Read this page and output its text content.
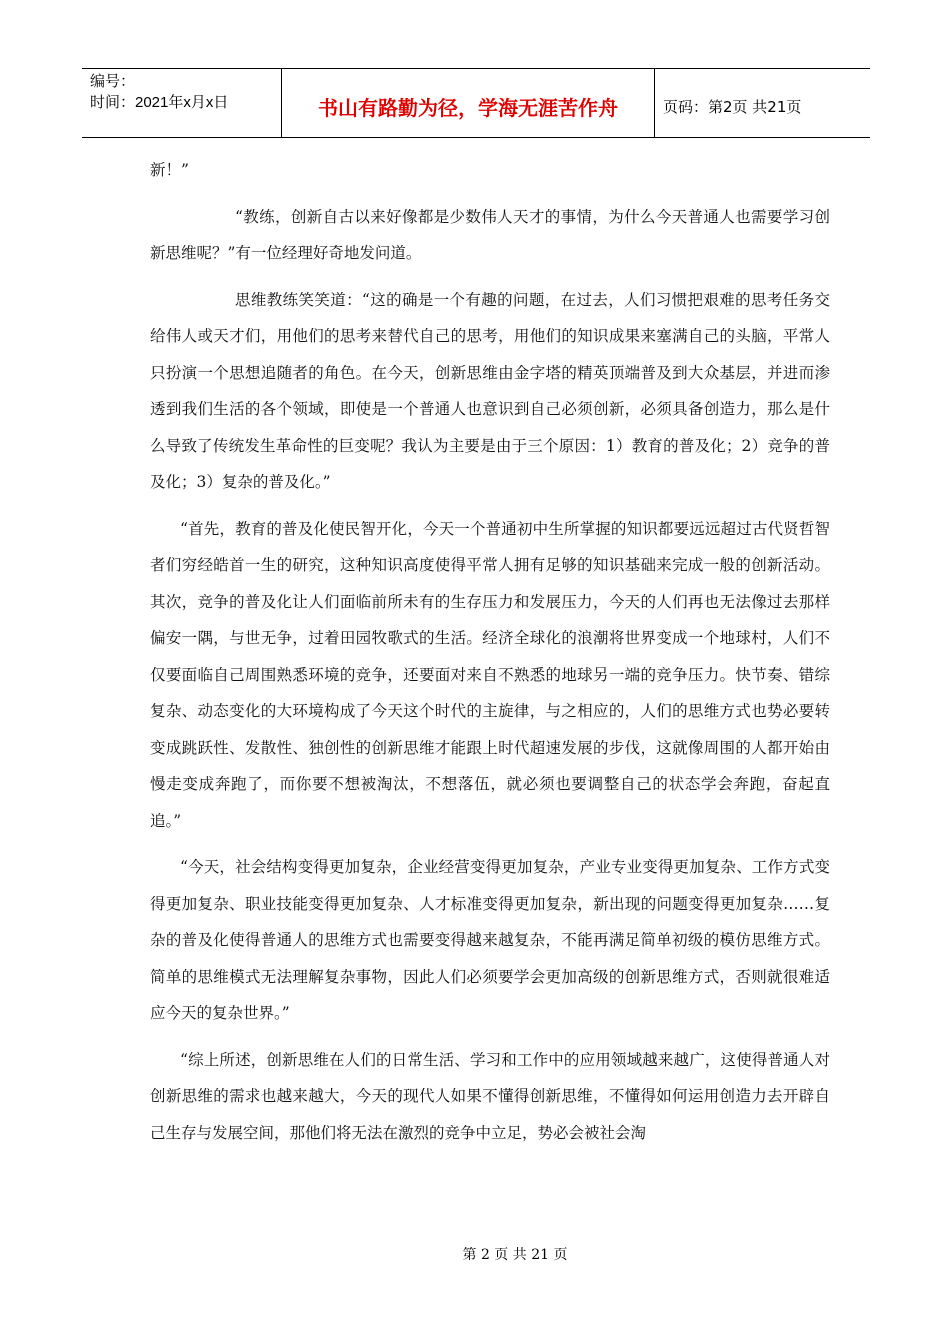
编号：
时间：2021年x月x日	书山有路勤为径，学海无涯苦作舟	页码：第2页 共21页

新！”

“教练，创新自古以来好像都是少数伟人天才的事情，为什么今天普通人也需要学习创新思维呢？”有一位经理好奇地发问道。

思维教练笑笑道：“这的确是一个有趣的问题，在过去，人们习惯把艰难的思考任务交给伟人或天才们，用他们的思考来替代自己的思考，用他们的知识成果来塞满自己的头脑，平常人只扮演一个思想追随者的角色。在今天，创新思维由金字塔的精英顶端普及到大众基层，并进而渗透到我们生活的各个领域，即使是一个普通人也意识到自己必须创新，必须具备创造力，那么是什么导致了传统发生革命性的巨变呢？我认为主要是由于三个原因：1）教育的普及化；2）竞争的普及化；3）复杂的普及化。”

“首先，教育的普及化使民智开化，今天一个普通初中生所掌握的知识都要远远超过古代贤哲智者们穷经皓首一生的研究，这种知识高度使得平常人拥有足够的知识基础来完成一般的创新活动。其次，竞争的普及化让人们面临前所未有的生存压力和发展压力，今天的人们再也无法像过去那样偏安一隅，与世无争，过着田园牧歌式的生活。经济全球化的浪潮将世界变成一个地球村，人们不仅要面临自己周围熟悉环境的竞争，还要面对来自不熟悉的地球另一端的竞争压力。快节奏、错综复杂、动态变化的大环境构成了今天这个时代的主旋律，与之相应的，人们的思维方式也势必要转变成跳跃性、发散性、独创性的创新思维才能跟上时代超速发展的步伐，这就像周围的人都开始由慢走变成奔跑了，而你要不想被淘汰，不想落伍，就必须也要调整自己的状态学会奔跑，奋起直追。”

“今天，社会结构变得更加复杂，企业经营变得更加复杂，产业专业变得更加复杂、工作方式变得更加复杂、职业技能变得更加复杂、人才标准变得更加复杂，新出现的问题变得更加复杂……复杂的普及化使得普通人的思维方式也需要变得越来越复杂，不能再满足简单初级的模仿思维方式。简单的思维模式无法理解复杂事物，因此人们必须要学会更加高级的创新思维方式，否则就很难适应今天的复杂世界。”

“综上所述，创新思维在人们的日常生活、学习和工作中的应用领域越来越广，这使得普通人对创新思维的需求也越来越大，今天的现代人如果不懂得创新思维，不懂得如何运用创造力去开辟自己生存与发展空间，那他们将无法在激烈的竞争中立足，势必会被社会淘

第 2 页 共 21 页
